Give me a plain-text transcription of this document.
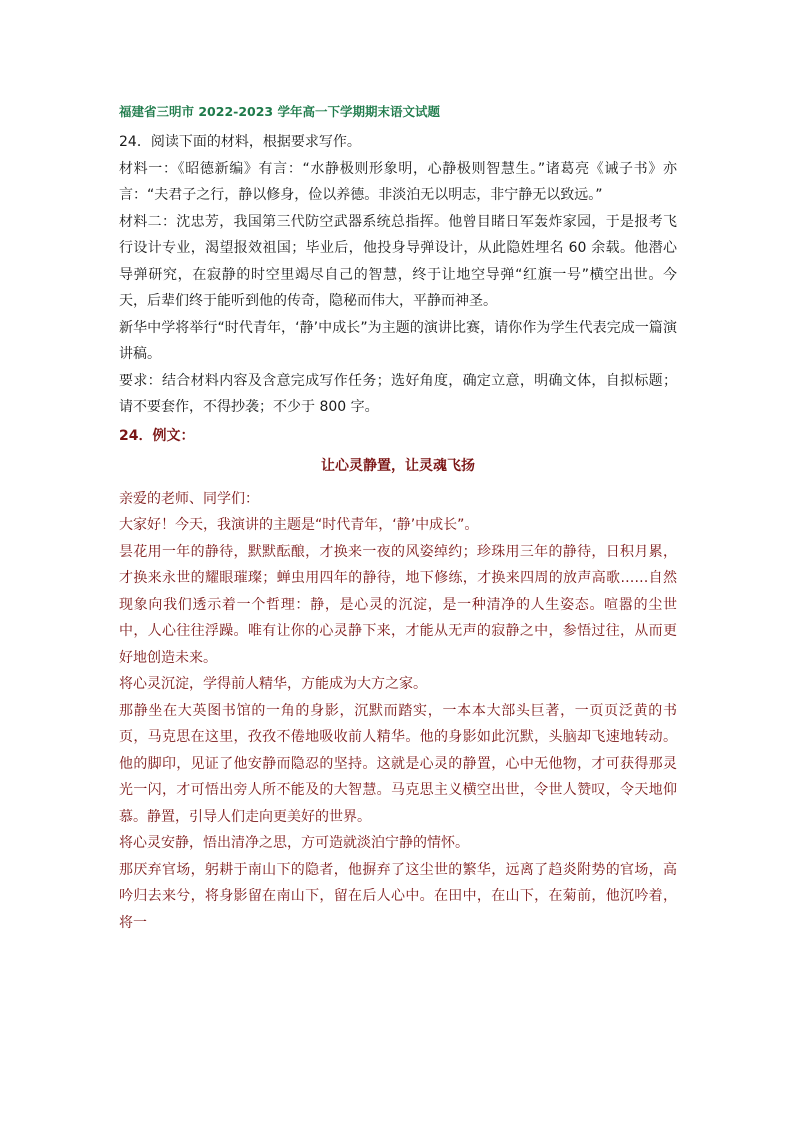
福建省三明市 2022-2023 学年高一下学期期末语文试题

24．阅读下面的材料，根据要求写作。

材料一：《昭德新编》有言：“水静极则形象明，心静极则智慧生。”诸葛亮《诫子书》亦言：“夫君子之行，静以修身，俭以养德。非淡泊无以明志，非宁静无以致远。”

材料二：沈忠芳，我国第三代防空武器系统总指挥。他曾目睹日军轰炸家园，于是报考飞行设计专业，渴望报效祖国；毕业后，他投身导弹设计，从此隐姓埋名 60 余载。他潜心导弹研究，在寂静的时空里竭尽自己的智慧，终于让地空导弹“红旗一号”横空出世。今天，后辈们终于能听到他的传奇，隐秘而伟大，平静而神圣。

新华中学将举行“时代青年，‘静’中成长”为主题的演讲比赛，请你作为学生代表完成一篇演讲稿。

要求：结合材料内容及含意完成写作任务；选好角度，确定立意，明确文体，自拟标题；请不要套作，不得抄袭；不少于 800 字。

24．例文：

让心灵静置，让灵魂飞扬

亲爱的老师、同学们：

大家好！今天，我演讲的主题是“时代青年，‘静’中成长”。

昙花用一年的静待，默默酝酿，才换来一夜的风姿绰约；珍珠用三年的静待，日积月累，才换来永世的耀眼璀璨；蝉虫用四年的静待，地下修练，才换来四周的放声高歌……自然现象向我们透示着一个哲理：静，是心灵的沉淀，是一种清净的人生姿态。喧嚣的尘世中，人心往往浮躁。唯有让你的心灵静下来，才能从无声的寂静之中，参悟过往，从而更好地创造未来。

将心灵沉淀，学得前人精华，方能成为大方之家。

那静坐在大英图书馆的一角的身影，沉默而踏实，一本本大部头巨著，一页页泛黄的书页，马克思在这里，孜孜不倦地吸收前人精华。他的身影如此沉默，头脑却飞速地转动。他的脚印，见证了他安静而隐忍的坚持。这就是心灵的静置，心中无他物，才可获得那灵光一闪，才可悟出旁人所不能及的大智慧。马克思主义横空出世，令世人赞叹，令天地仰慕。静置，引导人们走向更美好的世界。

将心灵安静，悟出清净之思，方可造就淡泊宁静的情怀。

那厌弃官场，躬耕于南山下的隐者，他摒弃了这尘世的繁华，远离了趋炎附势的官场，高吟归去来兮，将身影留在南山下，留在后人心中。在田中，在山下，在菊前，他沉吟着，将一
